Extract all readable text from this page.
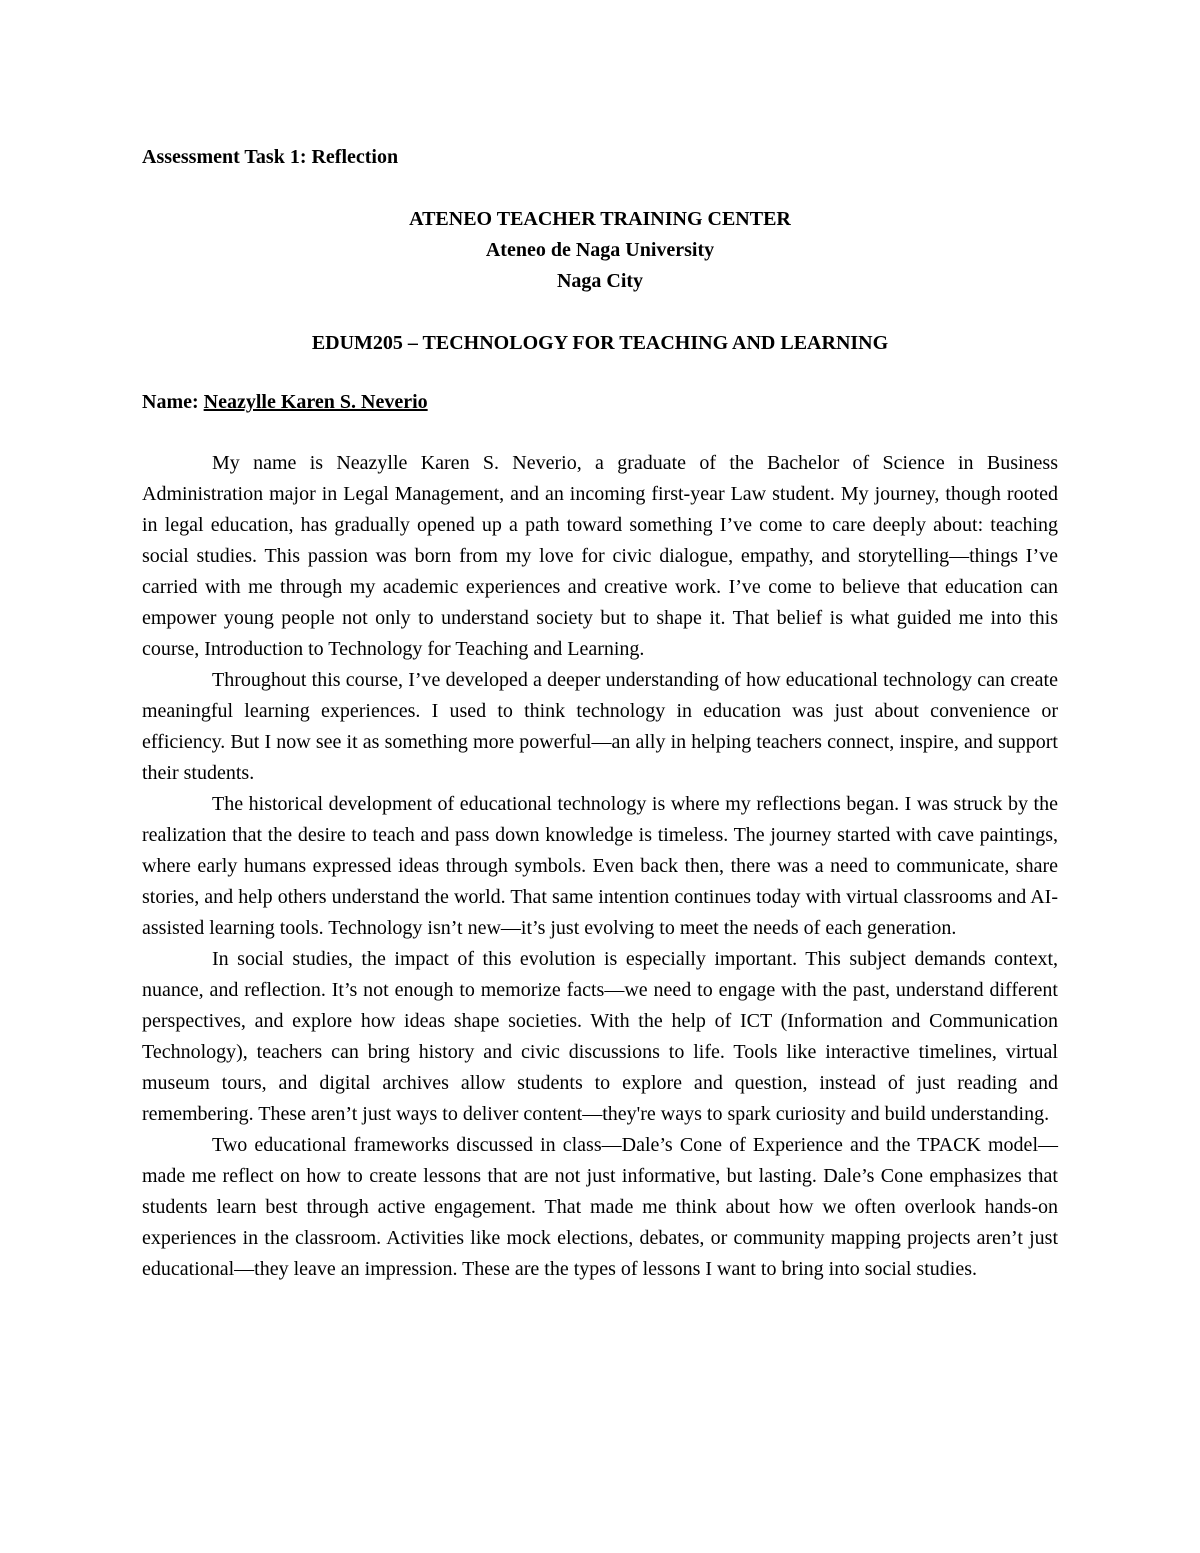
Assessment Task 1: Reflection
ATENEO TEACHER TRAINING CENTER
Ateneo de Naga University
Naga City
EDUM205 – TECHNOLOGY FOR TEACHING AND LEARNING
Name: Neazylle Karen S. Neverio

My name is Neazylle Karen S. Neverio, a graduate of the Bachelor of Science in Business Administration major in Legal Management, and an incoming first-year Law student. My journey, though rooted in legal education, has gradually opened up a path toward something I’ve come to care deeply about: teaching social studies. This passion was born from my love for civic dialogue, empathy, and storytelling—things I’ve carried with me through my academic experiences and creative work. I’ve come to believe that education can empower young people not only to understand society but to shape it. That belief is what guided me into this course, Introduction to Technology for Teaching and Learning.

Throughout this course, I’ve developed a deeper understanding of how educational technology can create meaningful learning experiences. I used to think technology in education was just about convenience or efficiency. But I now see it as something more powerful—an ally in helping teachers connect, inspire, and support their students.

The historical development of educational technology is where my reflections began. I was struck by the realization that the desire to teach and pass down knowledge is timeless. The journey started with cave paintings, where early humans expressed ideas through symbols. Even back then, there was a need to communicate, share stories, and help others understand the world. That same intention continues today with virtual classrooms and AI-assisted learning tools. Technology isn’t new—it’s just evolving to meet the needs of each generation.

In social studies, the impact of this evolution is especially important. This subject demands context, nuance, and reflection. It’s not enough to memorize facts—we need to engage with the past, understand different perspectives, and explore how ideas shape societies. With the help of ICT (Information and Communication Technology), teachers can bring history and civic discussions to life. Tools like interactive timelines, virtual museum tours, and digital archives allow students to explore and question, instead of just reading and remembering. These aren’t just ways to deliver content—they're ways to spark curiosity and build understanding.

Two educational frameworks discussed in class—Dale’s Cone of Experience and the TPACK model—made me reflect on how to create lessons that are not just informative, but lasting. Dale’s Cone emphasizes that students learn best through active engagement. That made me think about how we often overlook hands-on experiences in the classroom. Activities like mock elections, debates, or community mapping projects aren’t just educational—they leave an impression. These are the types of lessons I want to bring into social studies.
